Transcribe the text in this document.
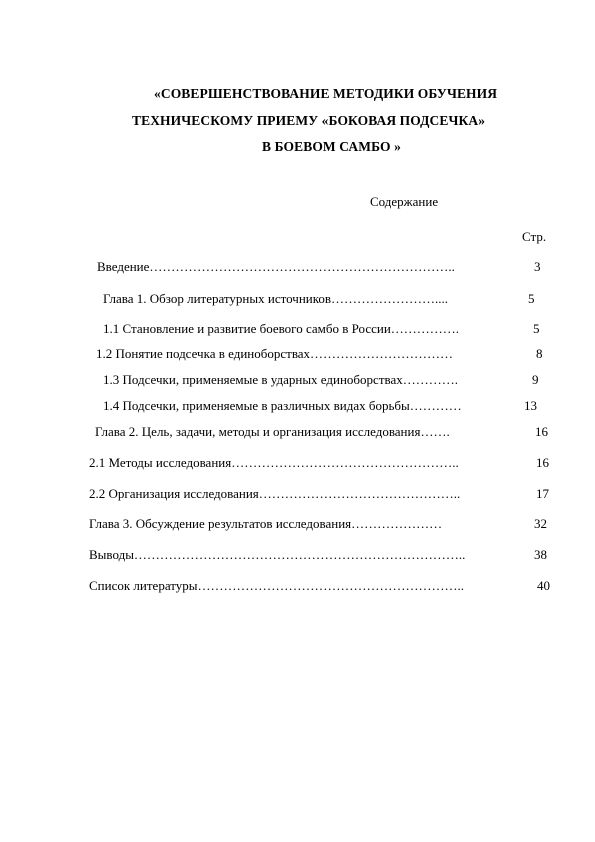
«СОВЕРШЕНСТВОВАНИЕ МЕТОДИКИ ОБУЧЕНИЯ
ТЕХНИЧЕСКОМУ ПРИЕМУ «БОКОВАЯ ПОДСЕЧКА»
В БОЕВОМ САМБО »
Содержание
Стр.
Введение……………………………………………………………..	3
Глава 1. Обзор литературных источников……………………....	5
1.1 Становление и развитие боевого самбо в России…………….	5
1.2 Понятие подсечка в единоборствах……………………………	8
1.3 Подсечки, применяемые в ударных единоборствах………….	9
1.4 Подсечки, применяемые в различных видах борьбы…………	13
Глава 2. Цель, задачи, методы и организация исследования…….	16
2.1 Методы исследования……………………………………………..	16
2.2 Организация исследования………………………………………..	17
Глава 3. Обсуждение результатов исследования…………………	32
Выводы…………………………………………………………………..	38
Список литературы……………………………………………………..	40
